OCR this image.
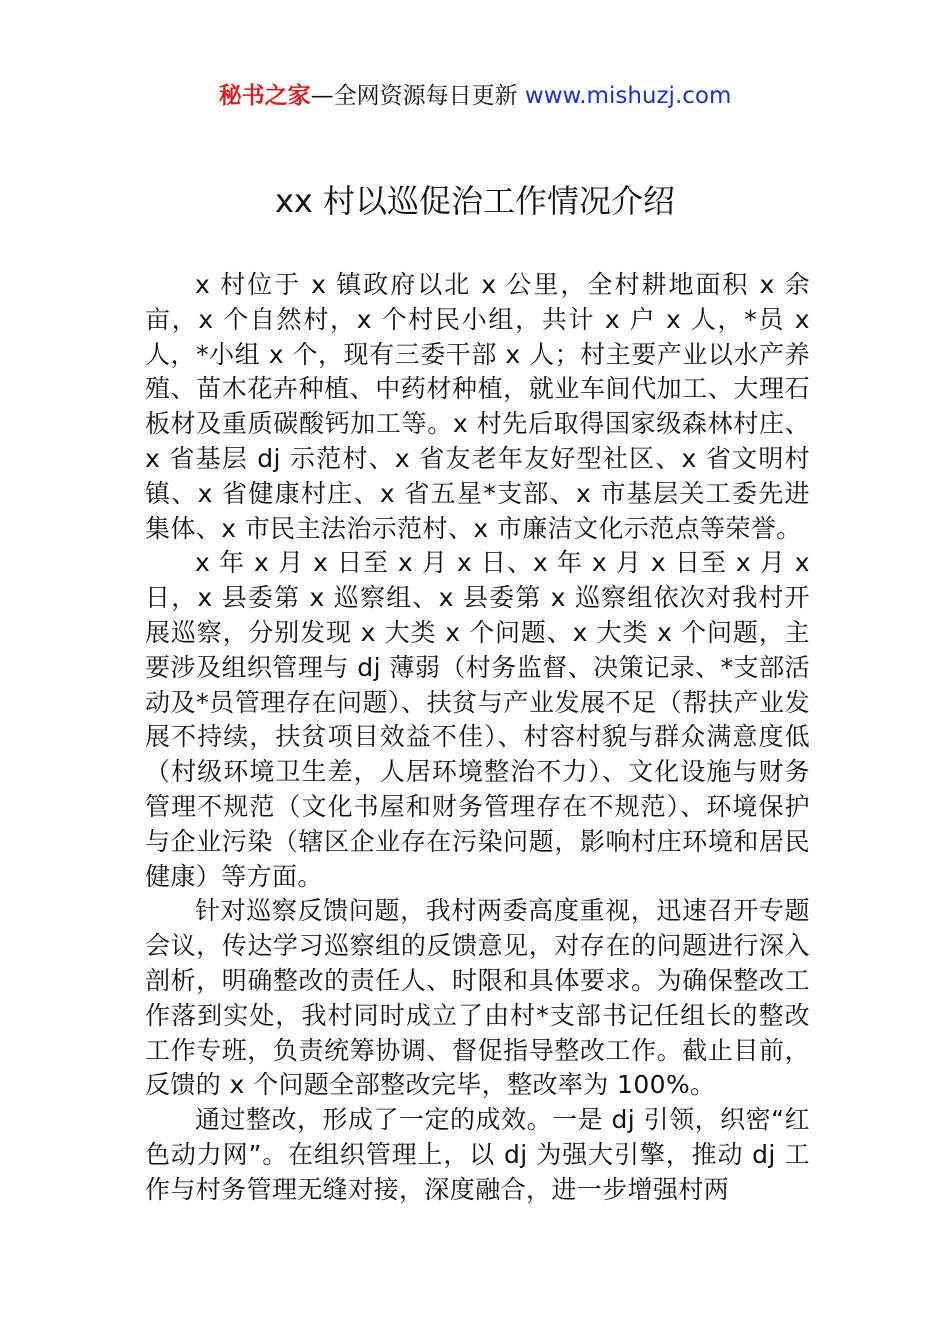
秘书之家—全网资源每日更新 www.mishuzj.com
xx 村以巡促治工作情况介绍

x 村位于 x 镇政府以北 x 公里，全村耕地面积 x 余亩，x 个自然村，x 个村民小组，共计 x 户 x 人，*员 x 人，*小组 x 个，现有三委干部 x 人；村主要产业以水产养殖、苗木花卉种植、中药材种植，就业车间代加工、大理石板材及重质碳酸钙加工等。x 村先后取得国家级森林村庄、x 省基层 dj 示范村、x 省友老年友好型社区、x 省文明村镇、x 省健康村庄、x 省五星*支部、x 市基层关工委先进集体、x 市民主法治示范村、x 市廉洁文化示范点等荣誉。

x 年 x 月 x 日至 x 月 x 日、x 年 x 月 x 日至 x 月 x 日，x 县委第 x 巡察组、x 县委第 x 巡察组依次对我村开展巡察，分别发现 x 大类 x 个问题、x 大类 x 个问题，主要涉及组织管理与 dj 薄弱（村务监督、决策记录、*支部活动及*员管理存在问题）、扶贫与产业发展不足（帮扶产业发展不持续，扶贫项目效益不佳）、村容村貌与群众满意度低（村级环境卫生差，人居环境整治不力）、文化设施与财务管理不规范（文化书屋和财务管理存在不规范）、环境保护与企业污染（辖区企业存在污染问题，影响村庄环境和居民健康）等方面。

针对巡察反馈问题，我村两委高度重视，迅速召开专题会议，传达学习巡察组的反馈意见，对存在的问题进行深入剖析，明确整改的责任人、时限和具体要求。为确保整改工作落到实处，我村同时成立了由村*支部书记任组长的整改工作专班，负责统筹协调、督促指导整改工作。截止目前，反馈的 x 个问题全部整改完毕，整改率为 100%。

通过整改，形成了一定的成效。一是 dj 引领，织密“红色动力网”。在组织管理上，以 dj 为强大引擎，推动 dj 工作与村务管理无缝对接，深度融合，进一步增强村两
